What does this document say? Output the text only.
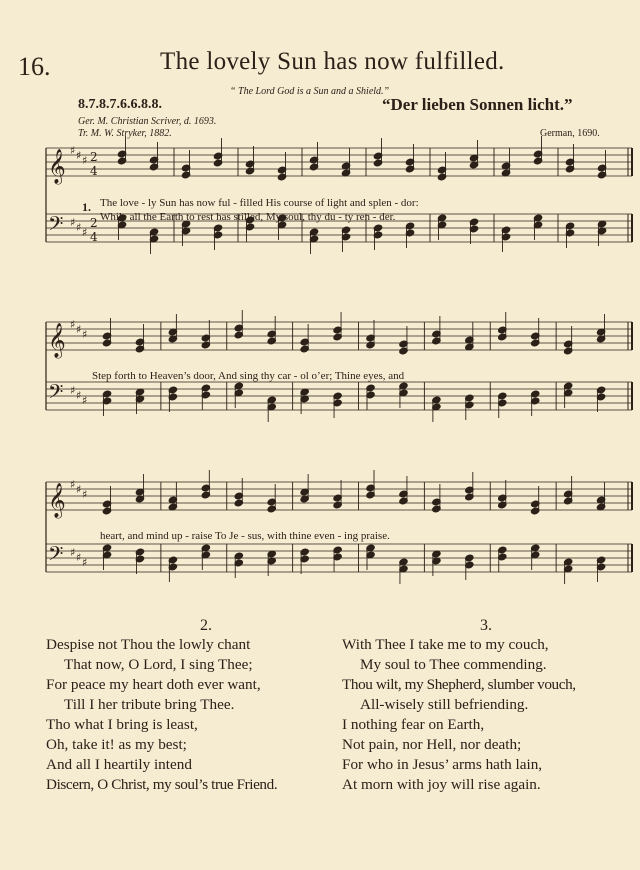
16.	The lovely Sun has now fulfilled.
“ The Lord God is a Sun and a Shield.”
8.7.8.7.6.6.8.8.	“Der lieben Sonnen licht.”
Ger. M. Christian Scriver, d. 1693.
Tr. M. W. Stryker, 1882.	German, 1690.
𝄞
𝄢
♯
♯
♯
♯
♯
♯
2
4
2
4
𝄞
𝄢
♯
♯
♯
♯
♯
♯
𝄞
𝄢
♯
♯
♯
♯
♯
♯
1. The love - ly Sun has now ful - filled His course of light and splen - dor:
While all the Earth to rest has stilled, My soul, thy du - ty ren - der.
Step forth to Heaven’s door, And sing thy car - ol o’er; Thine eyes, and
heart, and mind up - raise To Je - sus, with thine even - ing praise.
2.
Despise not Thou the lowly chant
That now, O Lord, I sing Thee;
For peace my heart doth ever want,
Till I her tribute bring Thee.
Tho what I bring is least,
Oh, take it! as my best;
And all I heartily intend
Discern, O Christ, my soul’s true Friend.
3.
With Thee I take me to my couch,
My soul to Thee commending.
Thou wilt, my Shepherd, slumber vouch,
All-wisely still befriending.
I nothing fear on Earth,
Not pain, nor Hell, nor death;
For who in Jesus’ arms hath lain,
At morn with joy will rise again.
